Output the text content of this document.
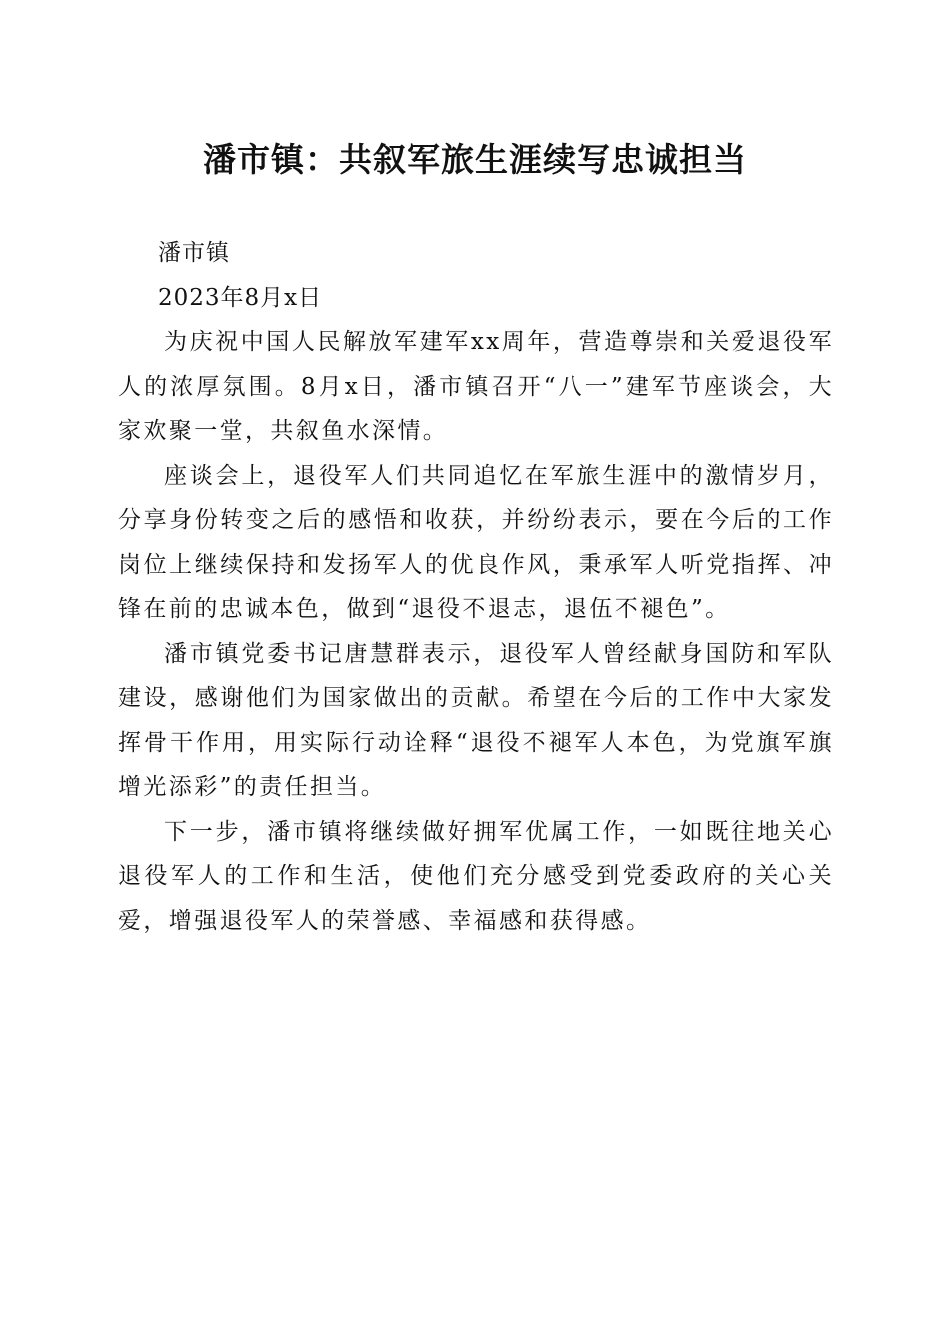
潘市镇：共叙军旅生涯续写忠诚担当

潘市镇

2023年8月x日

为庆祝中国人民解放军建军xx周年，营造尊崇和关爱退役军人的浓厚氛围。8月x日，潘市镇召开“八一”建军节座谈会，大家欢聚一堂，共叙鱼水深情。

座谈会上，退役军人们共同追忆在军旅生涯中的激情岁月，分享身份转变之后的感悟和收获，并纷纷表示，要在今后的工作岗位上继续保持和发扬军人的优良作风，秉承军人听党指挥、冲锋在前的忠诚本色，做到“退役不退志，退伍不褪色”。

潘市镇党委书记唐慧群表示，退役军人曾经献身国防和军队建设，感谢他们为国家做出的贡献。希望在今后的工作中大家发挥骨干作用，用实际行动诠释“退役不褪军人本色，为党旗军旗增光添彩”的责任担当。

下一步，潘市镇将继续做好拥军优属工作，一如既往地关心退役军人的工作和生活，使他们充分感受到党委政府的关心关爱，增强退役军人的荣誉感、幸福感和获得感。
